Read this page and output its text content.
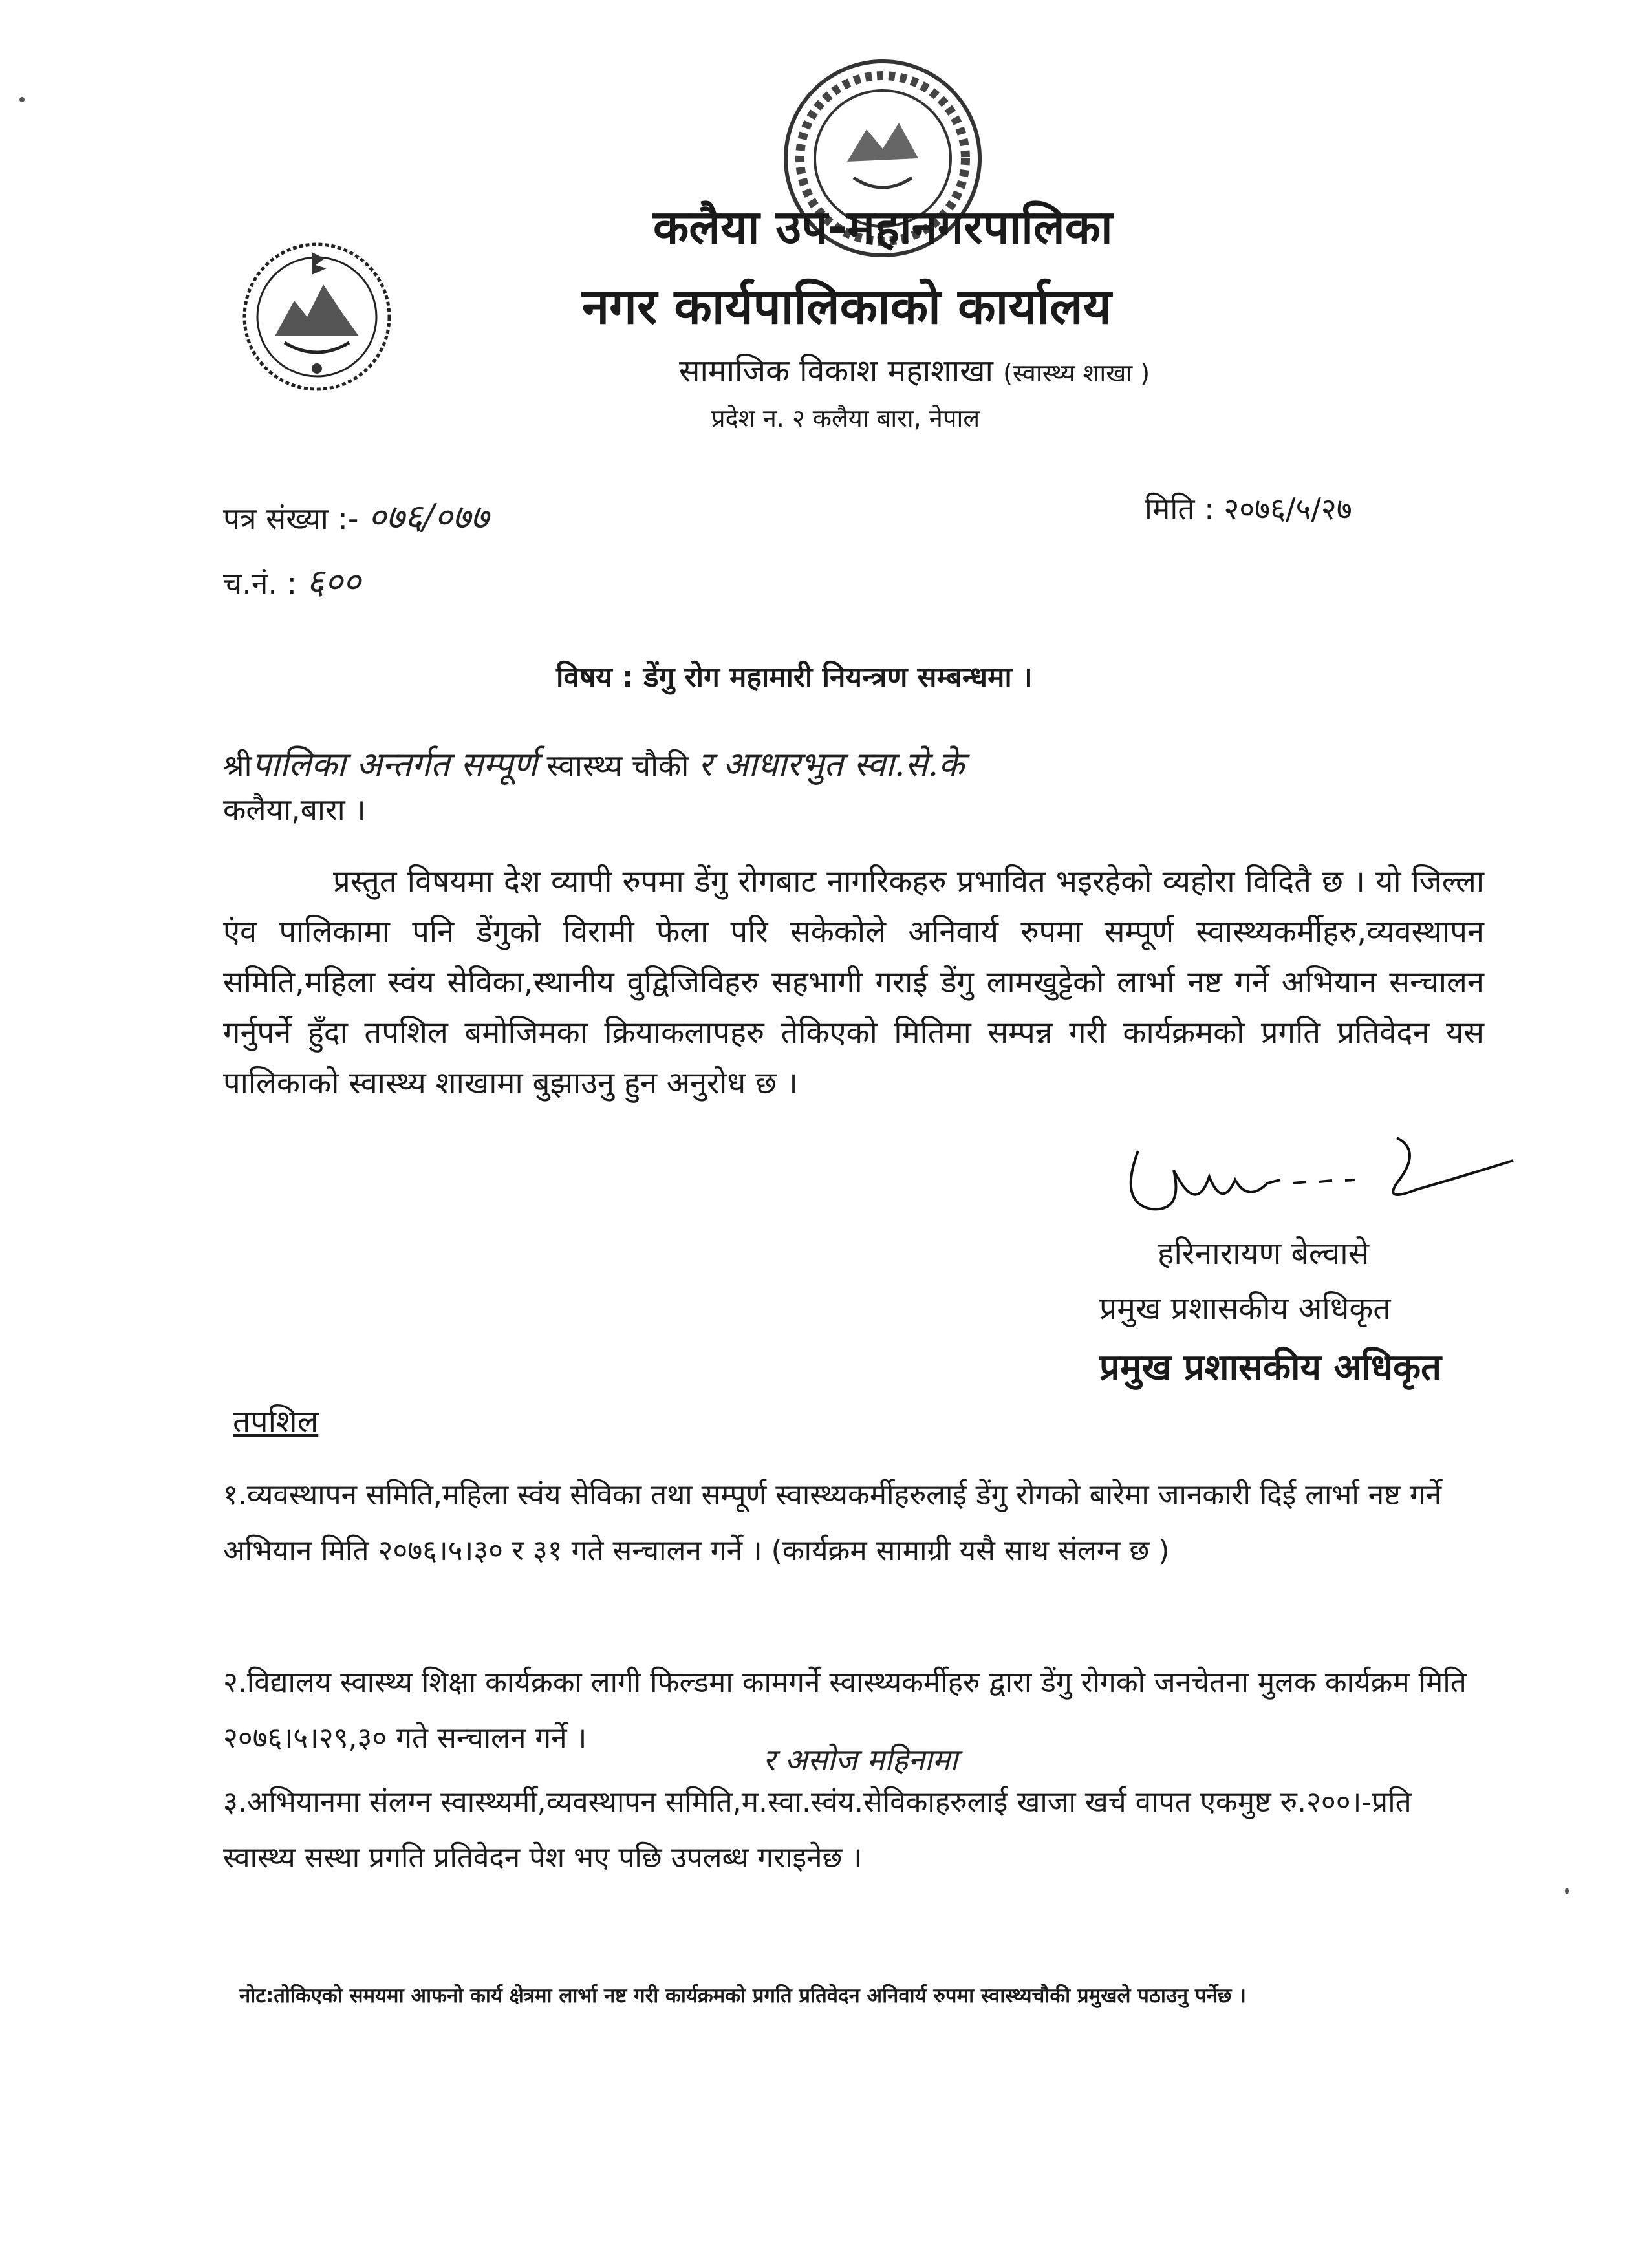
कलैया उप-महानगरपालिका
नगर कार्यपालिकाको कार्यालय
सामाजिक विकाश महाशाखा (स्वास्थ्य शाखा )
प्रदेश न. २ कलैया बारा, नेपाल
पत्र संख्या :- ०७६/०७७
च.नं. : ६००
मिति : २०७६/५/२७
विषय : डेंगु रोग महामारी नियन्त्रण सम्बन्धमा ।
श्रीपालिका अन्तर्गत सम्पूर्ण स्वास्थ्य चौकी र आधारभुत स्वा.से.के
कलैया,बारा ।
प्रस्तुत विषयमा देश व्यापी रुपमा डेंगु रोगबाट नागरिकहरु प्रभावित भइरहेको व्यहोरा विदितै छ । यो जिल्ला एंव पालिकामा पनि डेंगुको विरामी फेला परि सकेकोले अनिवार्य रुपमा सम्पूर्ण स्वास्थ्यकर्मीहरु,व्यवस्थापन समिति,महिला स्वंय सेविका,स्थानीय वुद्विजिविहरु सहभागी गराई डेंगु लामखुट्टेको लार्भा नष्ट गर्ने अभियान सन्चालन गर्नुपर्ने हुँदा तपशिल बमोजिमका क्रियाकलापहरु तेकिएको मितिमा सम्पन्न गरी कार्यक्रमको प्रगति प्रतिवेदन यस पालिकाको स्वास्थ्य शाखामा बुझाउनु हुन अनुरोध छ ।
हरिनारायण बेल्वासे
प्रमुख प्रशासकीय अधिकृत
प्रमुख प्रशासकीय अधिकृत
तपशिल
१.व्यवस्थापन समिति,महिला स्वंय सेविका तथा सम्पूर्ण स्वास्थ्यकर्मीहरुलाई डेंगु रोगको बारेमा जानकारी दिई लार्भा नष्ट गर्ने अभियान मिति २०७६।५।३० र ३१ गते सन्चालन गर्ने । (कार्यक्रम सामाग्री यसै साथ संलग्न छ )
२.विद्यालय स्वास्थ्य शिक्षा कार्यक्रका लागी फिल्डमा कामगर्ने स्वास्थ्यकर्मीहरु द्वारा डेंगु रोगको जनचेतना मुलक कार्यक्रम मिति २०७६।५।२९,३० गते सन्चालन गर्ने ।
र असोज महिनामा
३.अभियानमा संलग्न स्वास्थ्यर्मी,व्यवस्थापन समिति,म.स्वा.स्वंय.सेविकाहरुलाई खाजा खर्च वापत एकमुष्ट रु.२००।-प्रति स्वास्थ्य सस्था प्रगति प्रतिवेदन पेश भए पछि उपलब्ध गराइनेछ ।
नोट:तोकिएको समयमा आफनो कार्य क्षेत्रमा लार्भा नष्ट गरी कार्यक्रमको प्रगति प्रतिवेदन अनिवार्य रुपमा स्वास्थ्यचौकी प्रमुखले पठाउनु पर्नेछ ।
